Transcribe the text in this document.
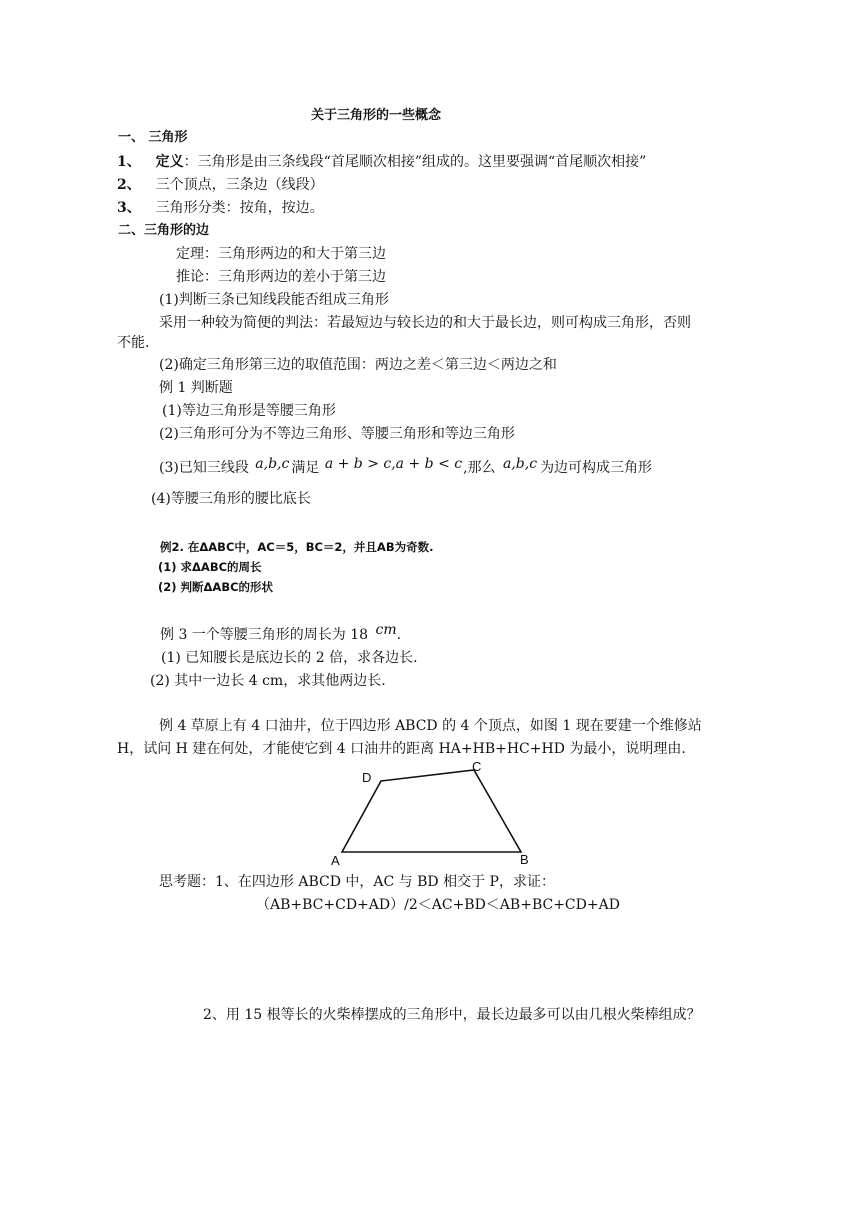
关于三角形的一些概念
一、 三角形
1、 定义：三角形是由三条线段“首尾顺次相接”组成的。这里要强调“首尾顺次相接”
2、 三个顶点，三条边（线段）
3、 三角形分类：按角，按边。
二、三角形的边
定理：三角形两边的和大于第三边
推论：三角形两边的差小于第三边
(1)判断三条已知线段能否组成三角形
采用一种较为简便的判法：若最短边与较长边的和大于最长边，则可构成三角形，否则
不能.
(2)确定三角形第三边的取值范围：两边之差＜第三边＜两边之和
例 1 判断题
(1)等边三角形是等腰三角形
(2)三角形可分为不等边三角形、等腰三角形和等边三角形
(3)已知三线段 a,b,c 满足 a + b > c,a + b < c,那么 a,b,c 为边可构成三角形
(4)等腰三角形的腰比底长
例2. 在ΔABC中，AC＝5，BC＝2，并且AB为奇数.
(1) 求ΔABC的周长
(2) 判断ΔABC的形状
例 3 一个等腰三角形的周长为 18 cm.
(1) 已知腰长是底边长的 2 倍，求各边长.
(2) 其中一边长 4 cm，求其他两边长.
例 4 草原上有 4 口油井，位于四边形 ABCD 的 4 个顶点，如图 1 现在要建一个维修站
H，试问 H 建在何处，才能使它到 4 口油井的距离 HA+HB+HC+HD 为最小，说明理由.
A	B
C
D
思考题：1、在四边形 ABCD 中，AC 与 BD 相交于 P，求证：
（AB+BC+CD+AD）/2＜AC+BD＜AB+BC+CD+AD
2、用 15 根等长的火柴棒摆成的三角形中，最长边最多可以由几根火柴棒组成？
